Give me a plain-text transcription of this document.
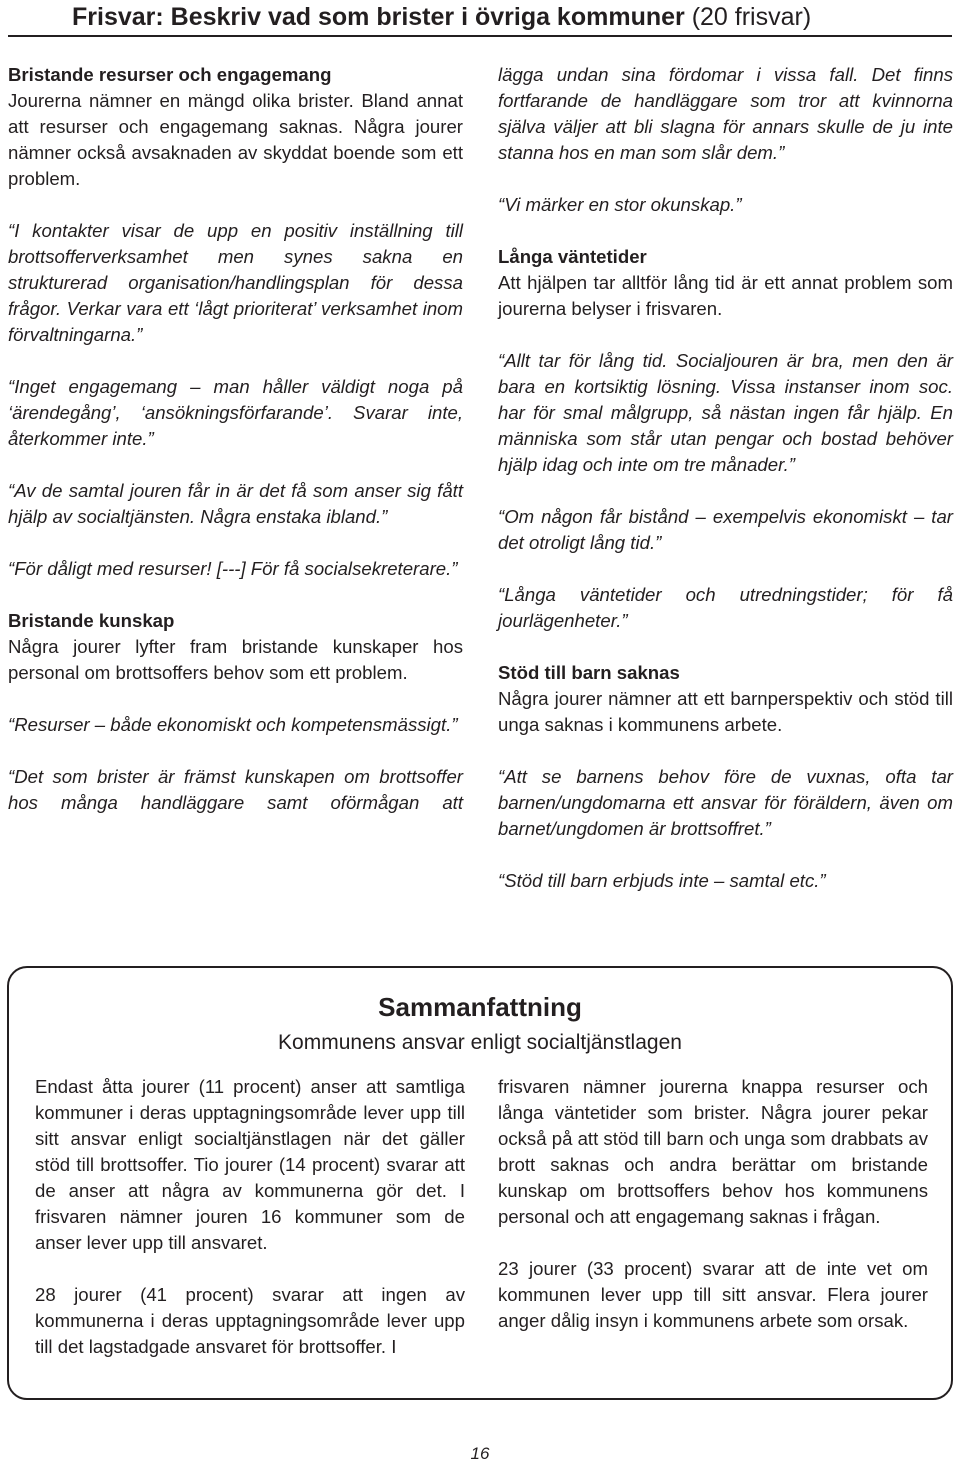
Frisvar: Beskriv vad som brister i övriga kommuner (20 frisvar)
Bristande resurser och engagemang

Jourerna nämner en mängd olika brister. Bland annat att resurser och engagemang saknas. Några jourer nämner också avsaknaden av skyddat boende som ett problem.

“I kontakter visar de upp en positiv inställning till brottsofferverksamhet men synes sakna en strukturerad organisation/handlingsplan för dessa frågor. Verkar vara ett ‘lågt prioriterat’ verksamhet inom förvaltningarna.”

“Inget engagemang – man håller väldigt noga på ‘ärendegång’, ‘ansökningsförfarande’. Svarar inte, återkommer inte.”

“Av de samtal jouren får in är det få som anser sig fått hjälp av socialtjänsten. Några enstaka ibland.”

“För dåligt med resurser! [---] För få socialsekreterare.”

Bristande kunskap

Några jourer lyfter fram bristande kunskaper hos personal om brottsoffers behov som ett problem.

“Resurser – både ekonomiskt och kompetensmässigt.”

“Det som brister är främst kunskapen om brottsoffer hos många handläggare samt oförmågan att

lägga undan sina fördomar i vissa fall. Det finns fortfarande de handläggare som tror att kvinnorna själva väljer att bli slagna för annars skulle de ju inte stanna hos en man som slår dem.”

“Vi märker en stor okunskap.”

Långa väntetider

Att hjälpen tar alltför lång tid är ett annat problem som jourerna belyser i frisvaren.

“Allt tar för lång tid. Socialjouren är bra, men den är bara en kortsiktig lösning. Vissa instanser inom soc. har för smal målgrupp, så nästan ingen får hjälp. En människa som står utan pengar och bostad behöver hjälp idag och inte om tre månader.”

“Om någon får bistånd – exempelvis ekonomiskt – tar det otroligt lång tid.”

“Långa väntetider och utredningstider; för få jourlägenheter.”

Stöd till barn saknas

Några jourer nämner att ett barnperspektiv och stöd till unga saknas i kommunens arbete.

“Att se barnens behov före de vuxnas, ofta tar barnen/ungdomarna ett ansvar för föräldern, även om barnet/ungdomen är brottsoffret.”

“Stöd till barn erbjuds inte – samtal etc.”

Sammanfattning
Kommunens ansvar enligt socialtjänstlagen

Endast åtta jourer (11 procent) anser att samtliga kommuner i deras upptagningsområde lever upp till sitt ansvar enligt socialtjänstlagen när det gäller stöd till brottsoffer. Tio jourer (14 procent) svarar att de anser att några av kommunerna gör det. I frisvaren nämner jouren 16 kommuner som de anser lever upp till ansvaret.

28 jourer (41 procent) svarar att ingen av kommunerna i deras upptagningsområde lever upp till det lagstadgade ansvaret för brottsoffer. I

frisvaren nämner jourerna knappa resurser och långa väntetider som brister. Några jourer pekar också på att stöd till barn och unga som drabbats av brott saknas och andra berättar om bristande kunskap om brottsoffers behov hos kommunens personal och att engagemang saknas i frågan.

23 jourer (33 procent) svarar att de inte vet om kommunen lever upp till sitt ansvar. Flera jourer anger dålig insyn i kommunens arbete som orsak.

16
